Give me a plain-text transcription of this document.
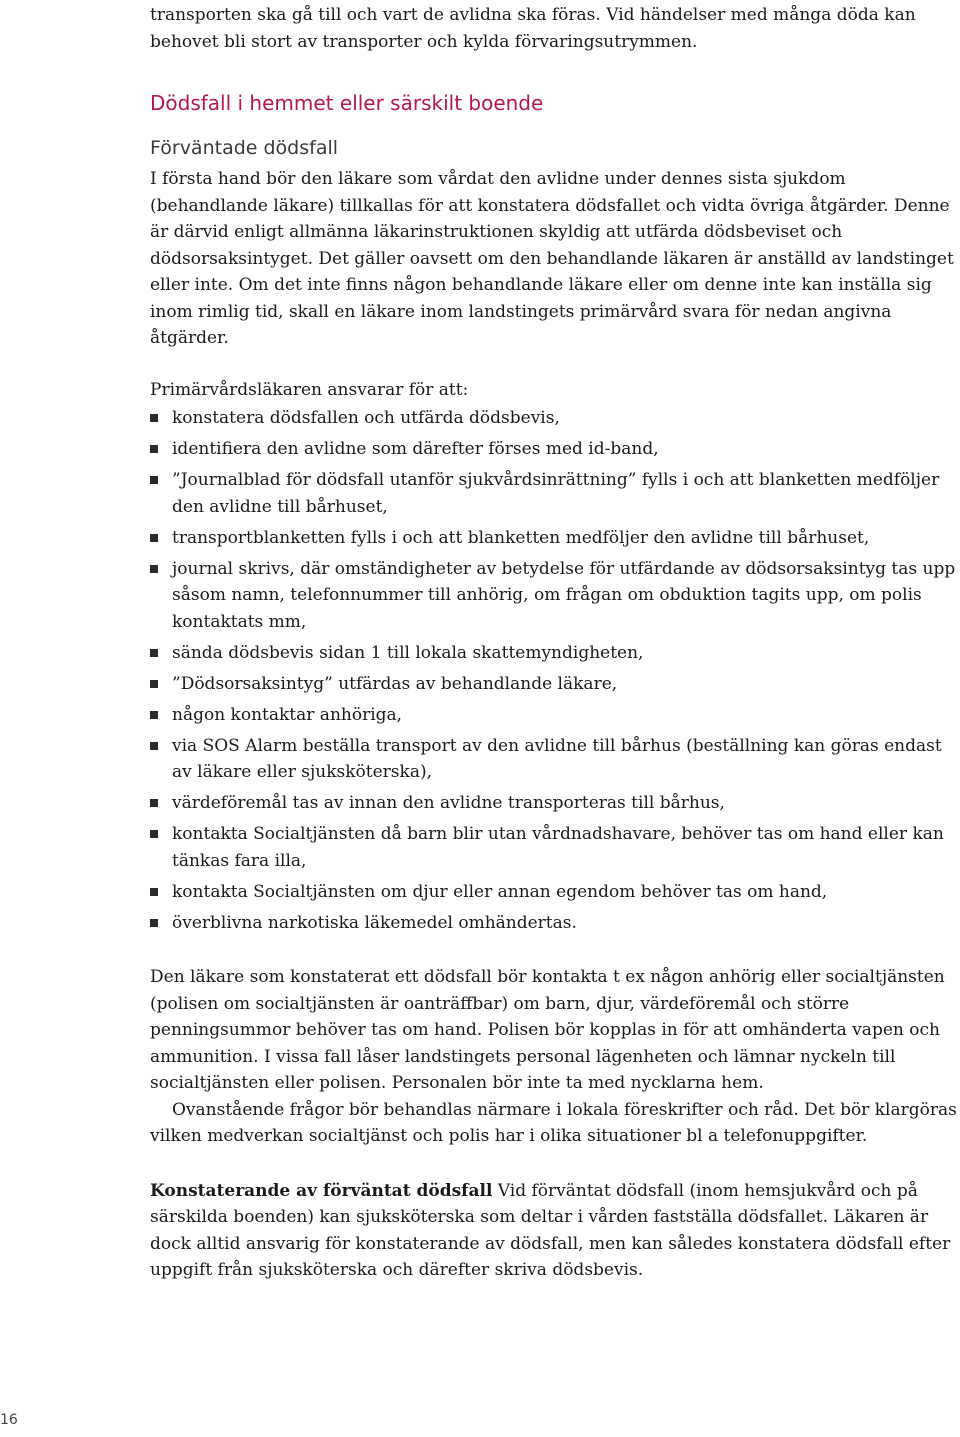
transporten ska gå till och vart de avlidna ska föras. Vid händelser med många döda kan behovet bli stort av transporter och kylda förvaringsutrymmen.

Dödsfall i hemmet eller särskilt boende
Förväntade dödsfall

I första hand bör den läkare som vårdat den avlidne under dennes sista sjukdom (behandlande läkare) tillkallas för att konstatera dödsfallet och vidta övriga åtgärder. Denne är därvid enligt allmänna läkarinstruktionen skyldig att utfärda dödsbeviset och dödsorsaksintyget. Det gäller oavsett om den behandlande läkaren är anställd av landstinget eller inte. Om det inte finns någon behandlande läkare eller om denne inte kan inställa sig inom rimlig tid, skall en läkare inom landstingets primärvård svara för nedan angivna åtgärder.

Primärvårdsläkaren ansvarar för att:

konstatera dödsfallen och utfärda dödsbevis,
identifiera den avlidne som därefter förses med id-band,
”Journalblad för dödsfall utanför sjukvårdsinrättning” fylls i och att blanketten medföljer den avlidne till bårhuset,
transportblanketten fylls i och att blanketten medföljer den avlidne till bårhuset,
journal skrivs, där omständigheter av betydelse för utfärdande av dödsorsaksintyg tas upp såsom namn, telefonnummer till anhörig, om frågan om obduktion tagits upp, om polis kontaktats mm,
sända dödsbevis sidan 1 till lokala skattemyndigheten,
”Dödsorsaksintyg” utfärdas av behandlande läkare,
någon kontaktar anhöriga,
via SOS Alarm beställa transport av den avlidne till bårhus (beställning kan göras endast av läkare eller sjuksköterska),
värdeföremål tas av innan den avlidne transporteras till bårhus,
kontakta Socialtjänsten då barn blir utan vårdnadshavare, behöver tas om hand eller kan tänkas fara illa,
kontakta Socialtjänsten om djur eller annan egendom behöver tas om hand,
överblivna narkotiska läkemedel omhändertas.

Den läkare som konstaterat ett dödsfall bör kontakta t ex någon anhörig eller socialtjänsten (polisen om socialtjänsten är oanträffbar) om barn, djur, värdeföremål och större penningsummor behöver tas om hand. Polisen bör kopplas in för att omhänderta vapen och ammunition. I vissa fall låser landstingets personal lägenheten och lämnar nyckeln till socialtjänsten eller polisen. Personalen bör inte ta med nycklarna hem.

Ovanstående frågor bör behandlas närmare i lokala föreskrifter och råd. Det bör klargöras vilken medverkan socialtjänst och polis har i olika situationer bl a telefonuppgifter.

Konstaterande av förväntat dödsfall Vid förväntat dödsfall (inom hemsjukvård och på särskilda boenden) kan sjuksköterska som deltar i vården fastställa dödsfallet. Läkaren är dock alltid ansvarig för konstaterande av dödsfall, men kan således konstatera dödsfall efter uppgift från sjuksköterska och därefter skriva dödsbevis.

16
